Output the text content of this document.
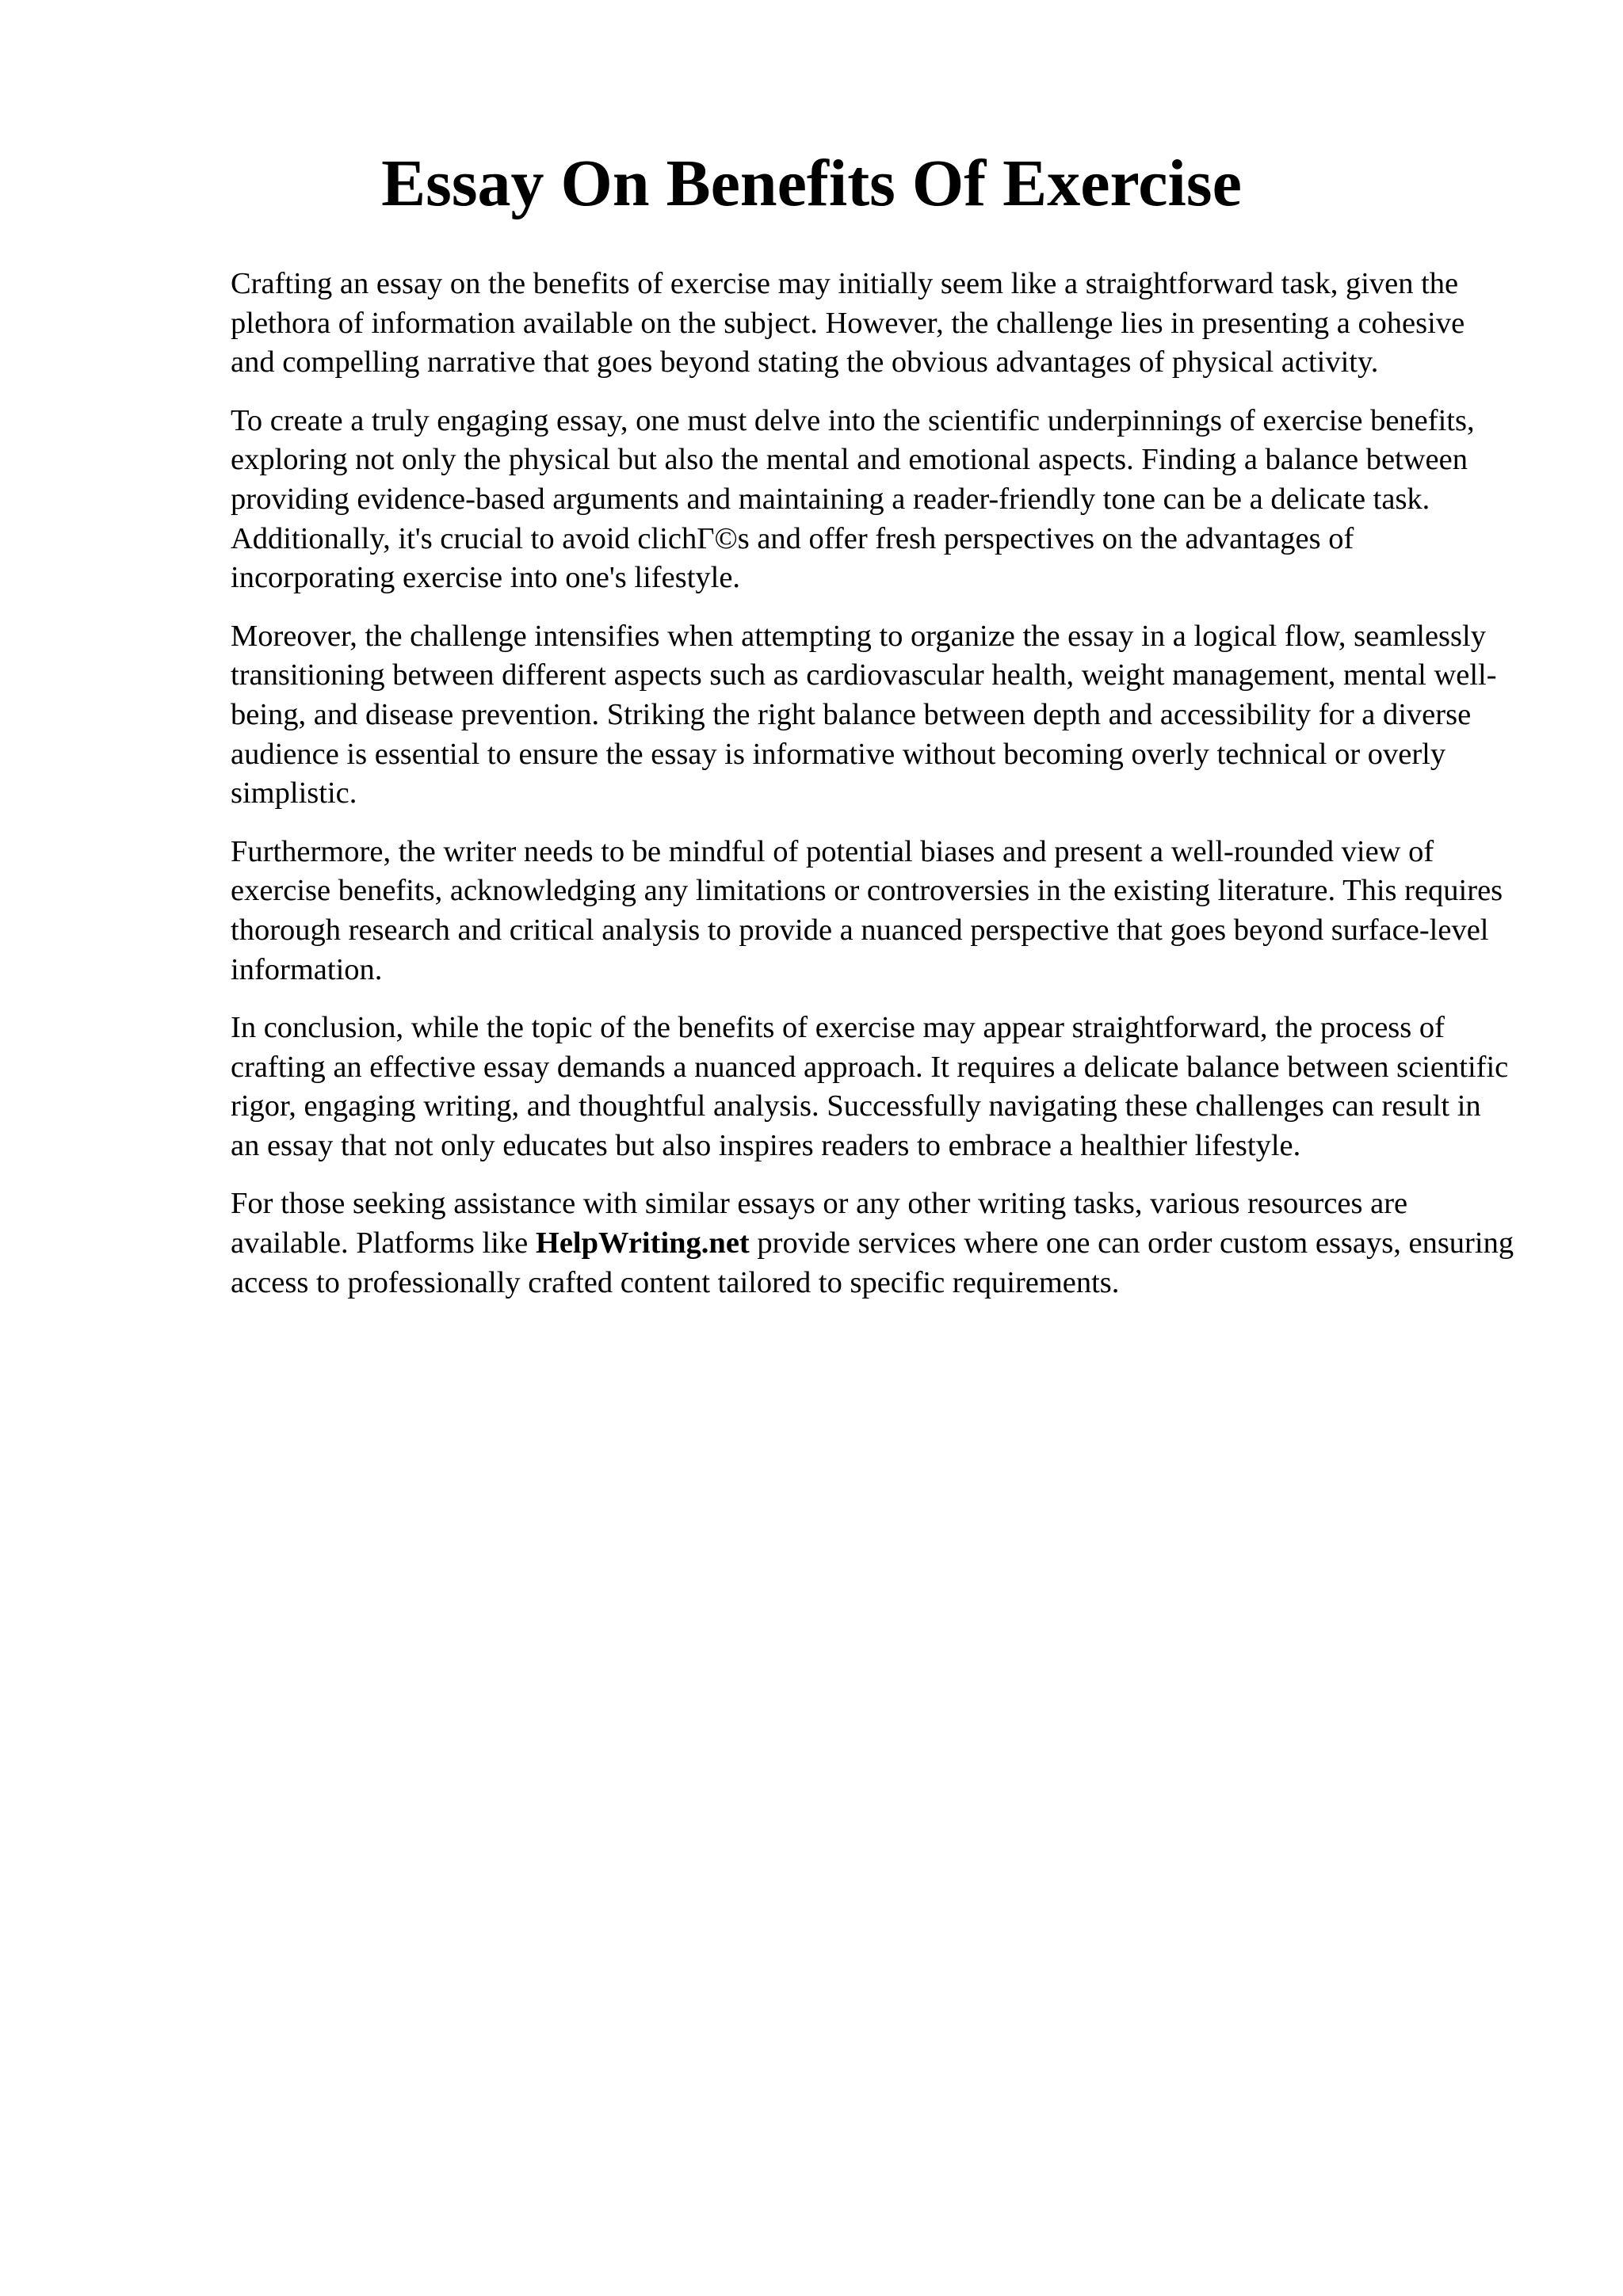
Essay On Benefits Of Exercise

Crafting an essay on the benefits of exercise may initially seem like a straightforward task, given the plethora of information available on the subject. However, the challenge lies in presenting a cohesive and compelling narrative that goes beyond stating the obvious advantages of physical activity.

To create a truly engaging essay, one must delve into the scientific underpinnings of exercise benefits, exploring not only the physical but also the mental and emotional aspects. Finding a balance between providing evidence-based arguments and maintaining a reader-friendly tone can be a delicate task. Additionally, it's crucial to avoid clichΓ©s and offer fresh perspectives on the advantages of incorporating exercise into one's lifestyle.

Moreover, the challenge intensifies when attempting to organize the essay in a logical flow, seamlessly transitioning between different aspects such as cardiovascular health, weight management, mental well-being, and disease prevention. Striking the right balance between depth and accessibility for a diverse audience is essential to ensure the essay is informative without becoming overly technical or overly simplistic.

Furthermore, the writer needs to be mindful of potential biases and present a well-rounded view of exercise benefits, acknowledging any limitations or controversies in the existing literature. This requires thorough research and critical analysis to provide a nuanced perspective that goes beyond surface-level information.

In conclusion, while the topic of the benefits of exercise may appear straightforward, the process of crafting an effective essay demands a nuanced approach. It requires a delicate balance between scientific rigor, engaging writing, and thoughtful analysis. Successfully navigating these challenges can result in an essay that not only educates but also inspires readers to embrace a healthier lifestyle.

For those seeking assistance with similar essays or any other writing tasks, various resources are available. Platforms like HelpWriting.net provide services where one can order custom essays, ensuring access to professionally crafted content tailored to specific requirements.
